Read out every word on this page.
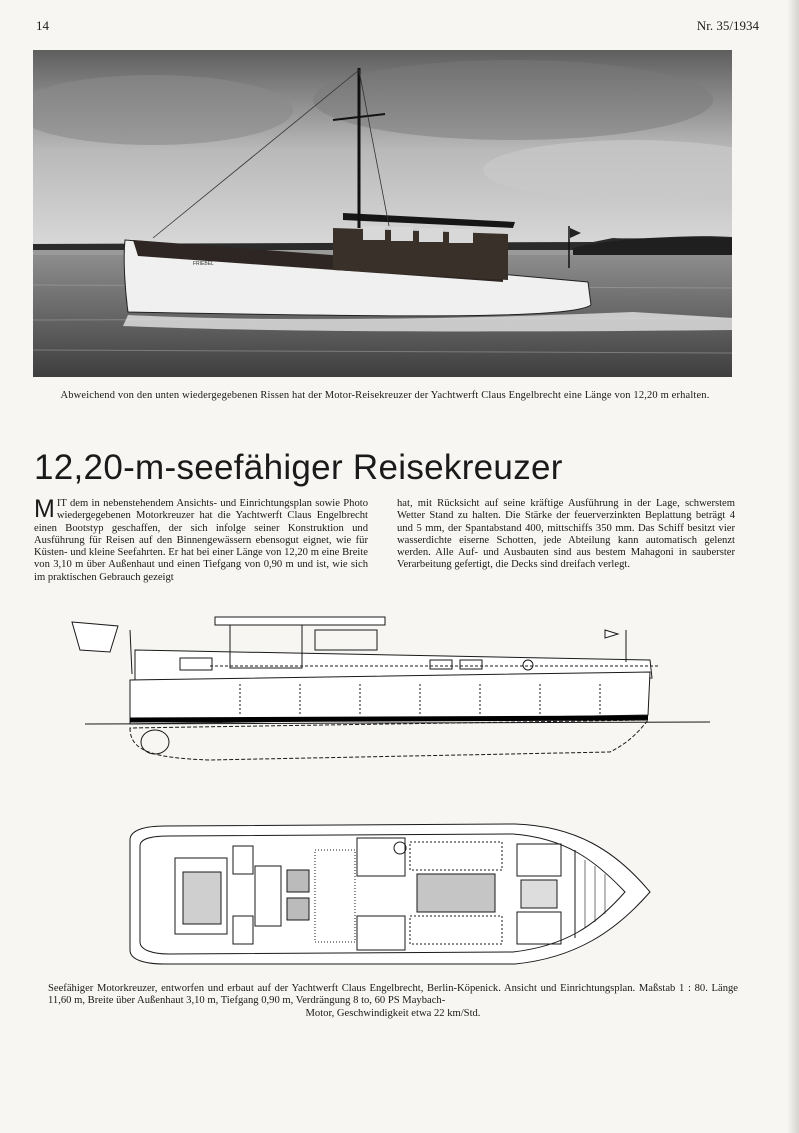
14	Nr. 35/1934
FRIEBEL
Abweichend von den unten wiedergegebenen Rissen hat der Motor-Reisekreuzer der Yachtwerft Claus Engelbrecht eine Länge von 12,20 m erhalten.
12,20-m-seefähiger Reisekreuzer
MIT dem in nebenstehendem Ansichts- und Einrichtungsplan sowie Photo wiedergegebenen Motorkreuzer hat die Yachtwerft Claus Engelbrecht einen Bootstyp geschaffen, der sich infolge seiner Konstruktion und Ausführung für Reisen auf den Binnengewässern ebensogut eignet, wie für Küsten- und kleine Seefahrten. Er hat bei einer Länge von 12,20 m eine Breite von 3,10 m über Außenhaut und einen Tiefgang von 0,90 m und ist, wie sich im praktischen Gebrauch gezeigt
hat, mit Rücksicht auf seine kräftige Ausführung in der Lage, schwerstem Wetter Stand zu halten. Die Stärke der feuerverzinkten Beplattung beträgt 4 und 5 mm, der Spantabstand 400, mittschiffs 350 mm. Das Schiff besitzt vier wasserdichte eiserne Schotten, jede Abteilung kann automatisch gelenzt werden. Alle Auf- und Ausbauten sind aus bestem Mahagoni in sauberster Verarbeitung gefertigt, die Decks sind dreifach verlegt.
Seefähiger Motorkreuzer, entworfen und erbaut auf der Yachtwerft Claus Engelbrecht, Berlin-Köpenick. Ansicht und Einrichtungsplan. Maßstab 1 : 80. Länge 11,60 m, Breite über Außenhaut 3,10 m, Tiefgang 0,90 m, Verdrängung 8 to, 60 PS Maybach-
Motor, Geschwindigkeit etwa 22 km/Std.
